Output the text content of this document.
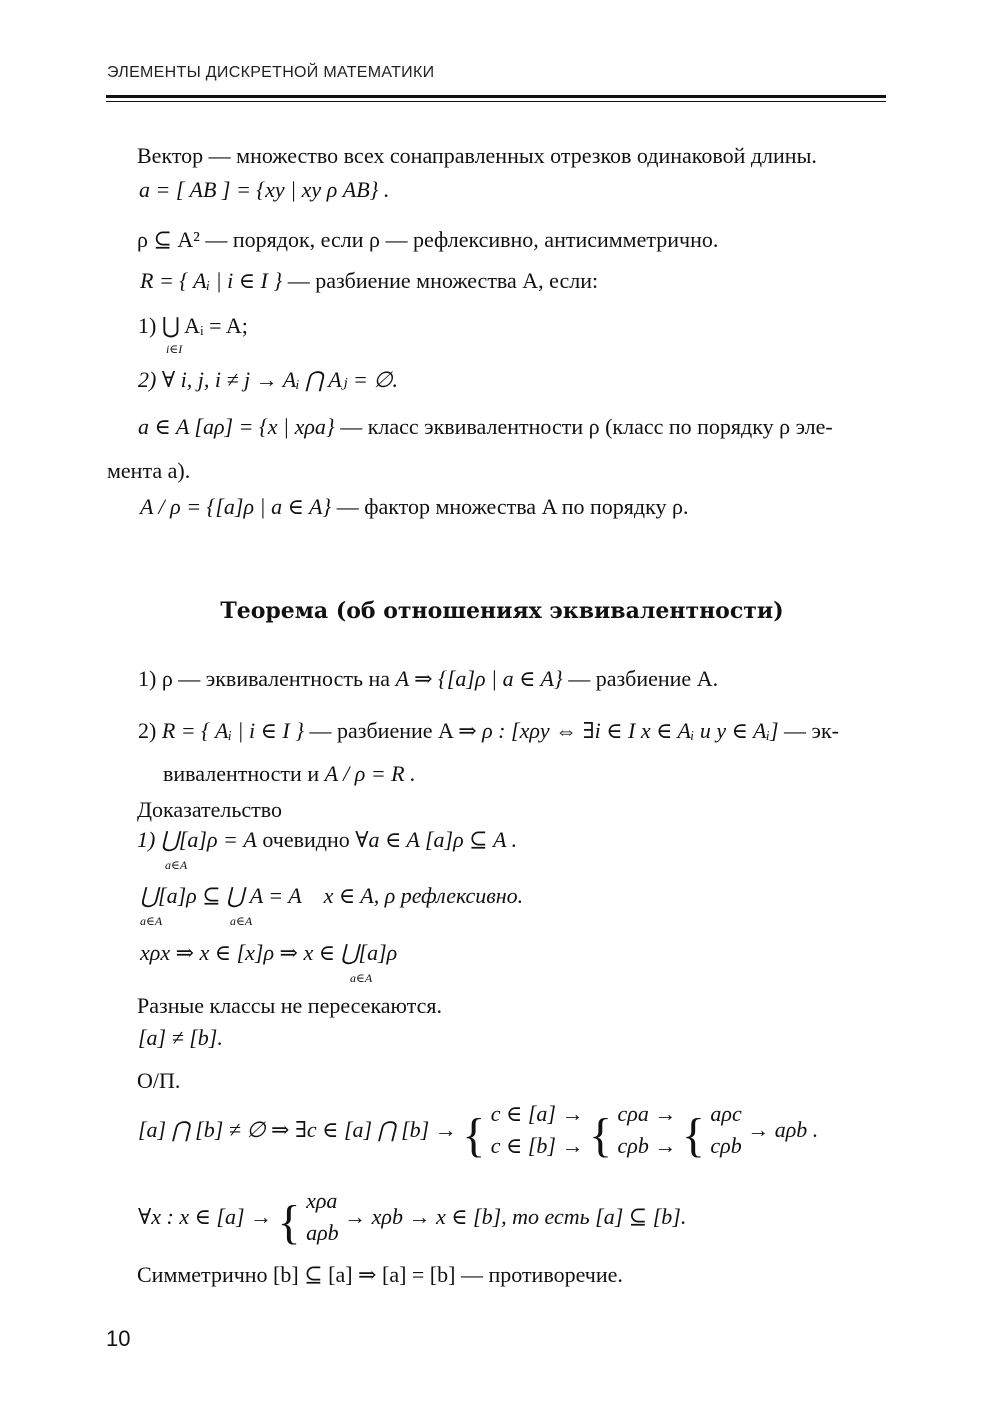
ЭЛЕМЕНТЫ ДИСКРЕТНОЙ МАТЕМАТИКИ
Вектор — множество всех сонаправленных отрезков одинаковой длины.
a = [ AB ] = {xy | xy ρ AB} .
ρ ⊆ A² — порядок, если ρ — рефлексивно, антисимметрично.
R = { Aᵢ | i ∈ I } — разбиение множества A, если:
1) ⋃ Aᵢ = A;
i∈I
2) ∀ i, j, i ≠ j → Aᵢ ⋂ Aⱼ = ∅.
a ∈ A [aρ] = {x | xρa} — класс эквивалентности ρ (класс по порядку ρ эле-
мента a).
A / ρ = {[a]ρ | a ∈ A} — фактор множества A по порядку ρ.
Теорема (об отношениях эквивалентности)
1) ρ — эквивалентность на A ⇒ {[a]ρ | a ∈ A} — разбиение A.
2) R = { Aᵢ | i ∈ I } — разбиение A ⇒ ρ : [xρy ⇔ ∃i ∈ I x ∈ Aᵢ и y ∈ Aᵢ] — эк-
вивалентности и A / ρ = R .
Доказательство
1) ⋃[a]ρ = A очевидно ∀a ∈ A [a]ρ ⊆ A .
a∈A
⋃[a]ρ ⊆ ⋃ A = A x ∈ A, ρ рефлексивно.
a∈A	a∈A
xρx ⇒ x ∈ [x]ρ ⇒ x ∈ ⋃[a]ρ
a∈A
Разные классы не пересекаются.
[a] ≠ [b].
О/П.
[a] ⋂ [b] ≠ ∅ ⇒ ∃c ∈ [a] ⋂ [b] → { c ∈ [a] →
c ∈ [b] → { cρa →
cρb → { aρc
cρb
→ aρb .
∀x : x ∈ [a] → { xρa
aρb
→ xρb → x ∈ [b], то есть [a] ⊆ [b].
Симметрично [b] ⊆ [a] ⇒ [a] = [b] — противоречие.
10
